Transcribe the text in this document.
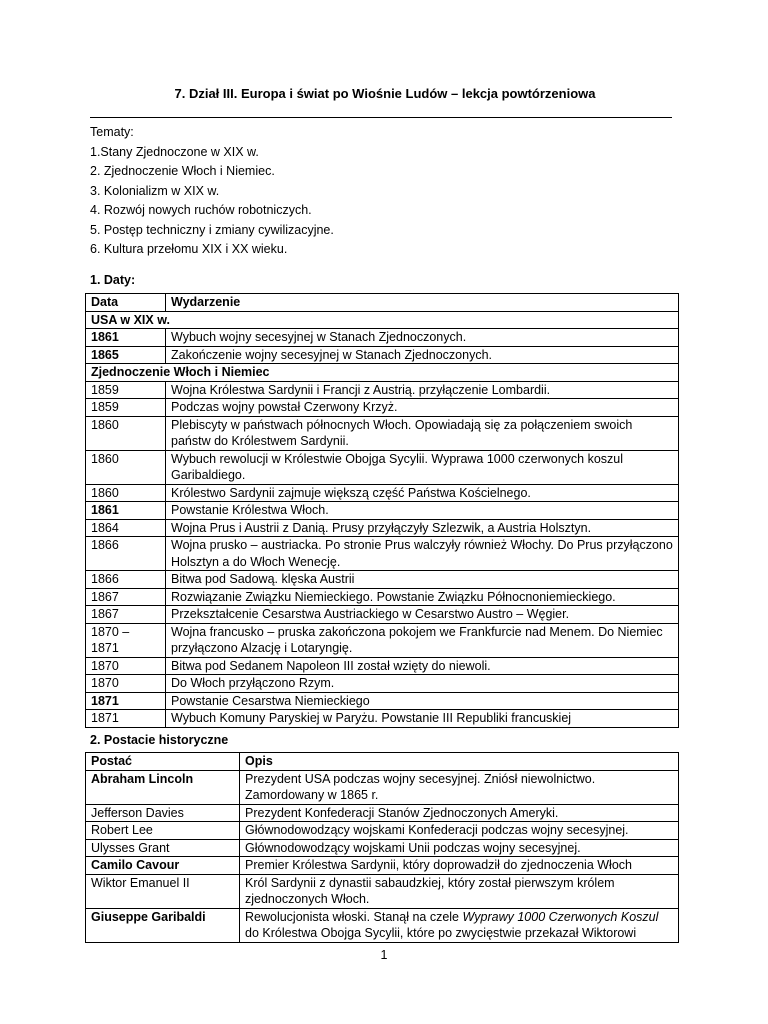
7. Dział III. Europa i świat po Wiośnie Ludów – lekcja powtórzeniowa
Tematy:
1.Stany Zjednoczone w XIX w.
2. Zjednoczenie Włoch i Niemiec.
3. Kolonializm w XIX w.
4. Rozwój nowych ruchów robotniczych.
5. Postęp techniczny i zmiany cywilizacyjne.
6. Kultura przełomu XIX i XX wieku.
1. Daty:
Data	Wydarzenie
USA w XIX w.	
1861	Wybuch wojny secesyjnej w Stanach Zjednoczonych.
1865	Zakończenie wojny secesyjnej w Stanach Zjednoczonych.
Zjednoczenie Włoch i Niemiec	
1859	Wojna Królestwa Sardynii i Francji z Austrią. przyłączenie Lombardii.
1859	Podczas wojny powstał Czerwony Krzyż.
1860	Plebiscyty w państwach północnych Włoch. Opowiadają się za połączeniem swoich państw do Królestwem Sardynii.
1860	Wybuch rewolucji w Królestwie Obojga Sycylii. Wyprawa 1000 czerwonych koszul Garibaldiego.
1860	Królestwo Sardynii zajmuje większą część Państwa Kościelnego.
1861	Powstanie Królestwa Włoch.
1864	Wojna Prus i Austrii z Danią. Prusy przyłączyły Szlezwik, a Austria Holsztyn.
1866	Wojna prusko – austriacka. Po stronie Prus walczyły również Włochy. Do Prus przyłączono Holsztyn a do Włoch Wenecję.
1866	Bitwa pod Sadową. klęska Austrii
1867	Rozwiązanie Związku Niemieckiego. Powstanie Związku Północnoniemieckiego.
1867	Przekształcenie Cesarstwa Austriackiego w Cesarstwo Austro – Węgier.
1870 – 1871	Wojna francusko – pruska zakończona pokojem we Frankfurcie nad Menem. Do Niemiec przyłączono Alzację i Lotaryngię.
1870	Bitwa pod Sedanem Napoleon III został wzięty do niewoli.
1870	Do Włoch przyłączono Rzym.
1871	Powstanie Cesarstwa Niemieckiego
1871	Wybuch Komuny Paryskiej w Paryżu. Powstanie III Republiki francuskiej
2. Postacie historyczne
Postać	Opis
Abraham Lincoln	Prezydent USA podczas wojny secesyjnej. Zniósł niewolnictwo. Zamordowany w 1865 r.
Jefferson Davies	Prezydent Konfederacji Stanów Zjednoczonych Ameryki.
Robert Lee	Głównodowodzący wojskami Konfederacji podczas wojny secesyjnej.
Ulysses Grant	Głównodowodzący wojskami Unii podczas wojny secesyjnej.
Camilo Cavour	Premier Królestwa Sardynii, który doprowadził do zjednoczenia Włoch
Wiktor Emanuel II	Król Sardynii z dynastii sabaudzkiej, który został pierwszym królem zjednoczonych Włoch.
Giuseppe Garibaldi	Rewolucjonista włoski. Stanął na czele Wyprawy 1000 Czerwonych Koszul do Królestwa Obojga Sycylii, które po zwycięstwie przekazał Wiktorowi
1
